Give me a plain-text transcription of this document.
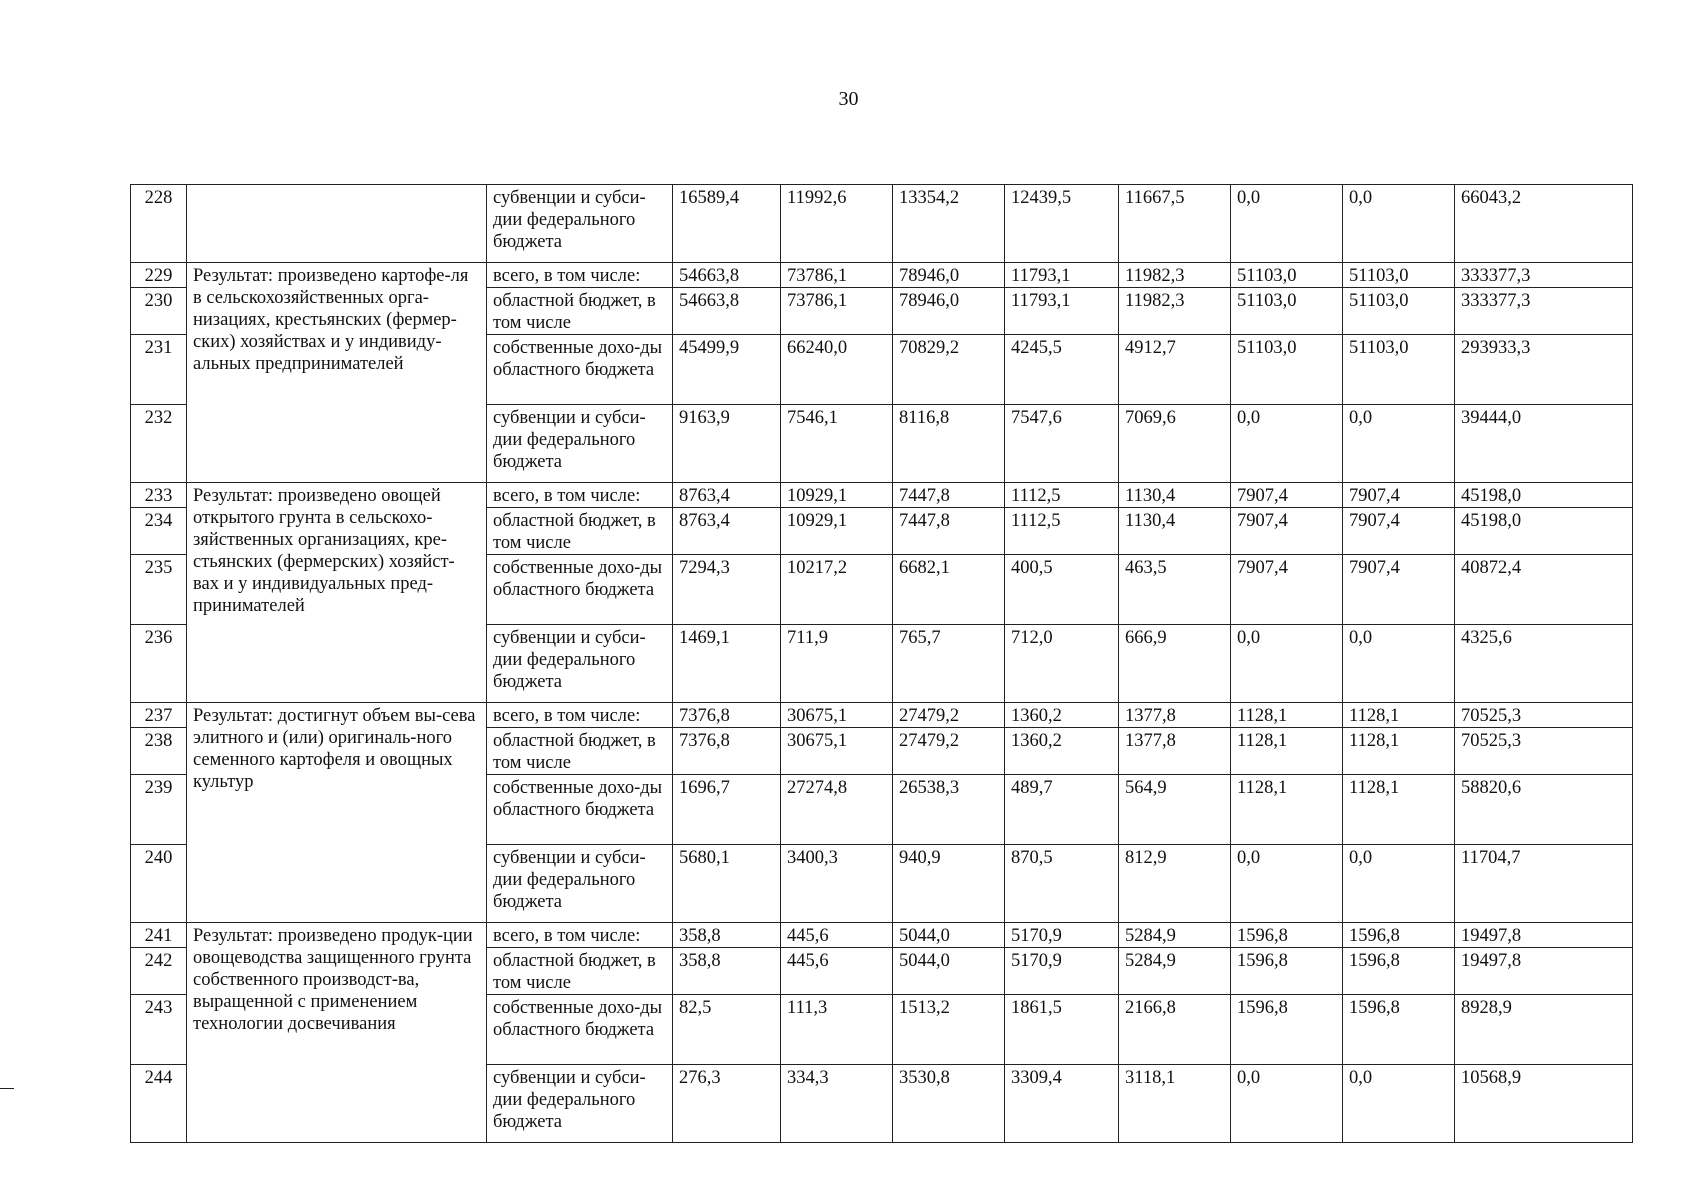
30
228		субвенции и субси-дии федерального бюджета	16589,4	11992,6	13354,2	12439,5	11667,5	0,0	0,0	66043,2
229	Результат: произведено картофе-ля в сельскохозяйственных орга-низациях, крестьянских (фермер-ских) хозяйствах и у индивиду-альных предпринимателей	всего, в том числе:	54663,8	73786,1	78946,0	11793,1	11982,3	51103,0	51103,0	333377,3
230		областной бюджет, в том числе	54663,8	73786,1	78946,0	11793,1	11982,3	51103,0	51103,0	333377,3
231		собственные дохо-ды областного бюджета	45499,9	66240,0	70829,2	4245,5	4912,7	51103,0	51103,0	293933,3
232		субвенции и субси-дии федерального бюджета	9163,9	7546,1	8116,8	7547,6	7069,6	0,0	0,0	39444,0
233	Результат: произведено овощей открытого грунта в сельскохо-зяйственных организациях, кре-стьянских (фермерских) хозяйст-вах и у индивидуальных пред-принимателей	всего, в том числе:	8763,4	10929,1	7447,8	1112,5	1130,4	7907,4	7907,4	45198,0
234		областной бюджет, в том числе	8763,4	10929,1	7447,8	1112,5	1130,4	7907,4	7907,4	45198,0
235		собственные дохо-ды областного бюджета	7294,3	10217,2	6682,1	400,5	463,5	7907,4	7907,4	40872,4
236		субвенции и субси-дии федерального бюджета	1469,1	711,9	765,7	712,0	666,9	0,0	0,0	4325,6
237	Результат: достигнут объем вы-сева элитного и (или) оригиналь-ного семенного картофеля и овощных культур	всего, в том числе:	7376,8	30675,1	27479,2	1360,2	1377,8	1128,1	1128,1	70525,3
238		областной бюджет, в том числе	7376,8	30675,1	27479,2	1360,2	1377,8	1128,1	1128,1	70525,3
239		собственные дохо-ды областного бюджета	1696,7	27274,8	26538,3	489,7	564,9	1128,1	1128,1	58820,6
240		субвенции и субси-дии федерального бюджета	5680,1	3400,3	940,9	870,5	812,9	0,0	0,0	11704,7
241	Результат: произведено продук-ции овощеводства защищенного грунта собственного производст-ва, выращенной с применением технологии досвечивания	всего, в том числе:	358,8	445,6	5044,0	5170,9	5284,9	1596,8	1596,8	19497,8
242		областной бюджет, в том числе	358,8	445,6	5044,0	5170,9	5284,9	1596,8	1596,8	19497,8
243		собственные дохо-ды областного бюджета	82,5	111,3	1513,2	1861,5	2166,8	1596,8	1596,8	8928,9
244		субвенции и субси-дии федерального бюджета	276,3	334,3	3530,8	3309,4	3118,1	0,0	0,0	10568,9
